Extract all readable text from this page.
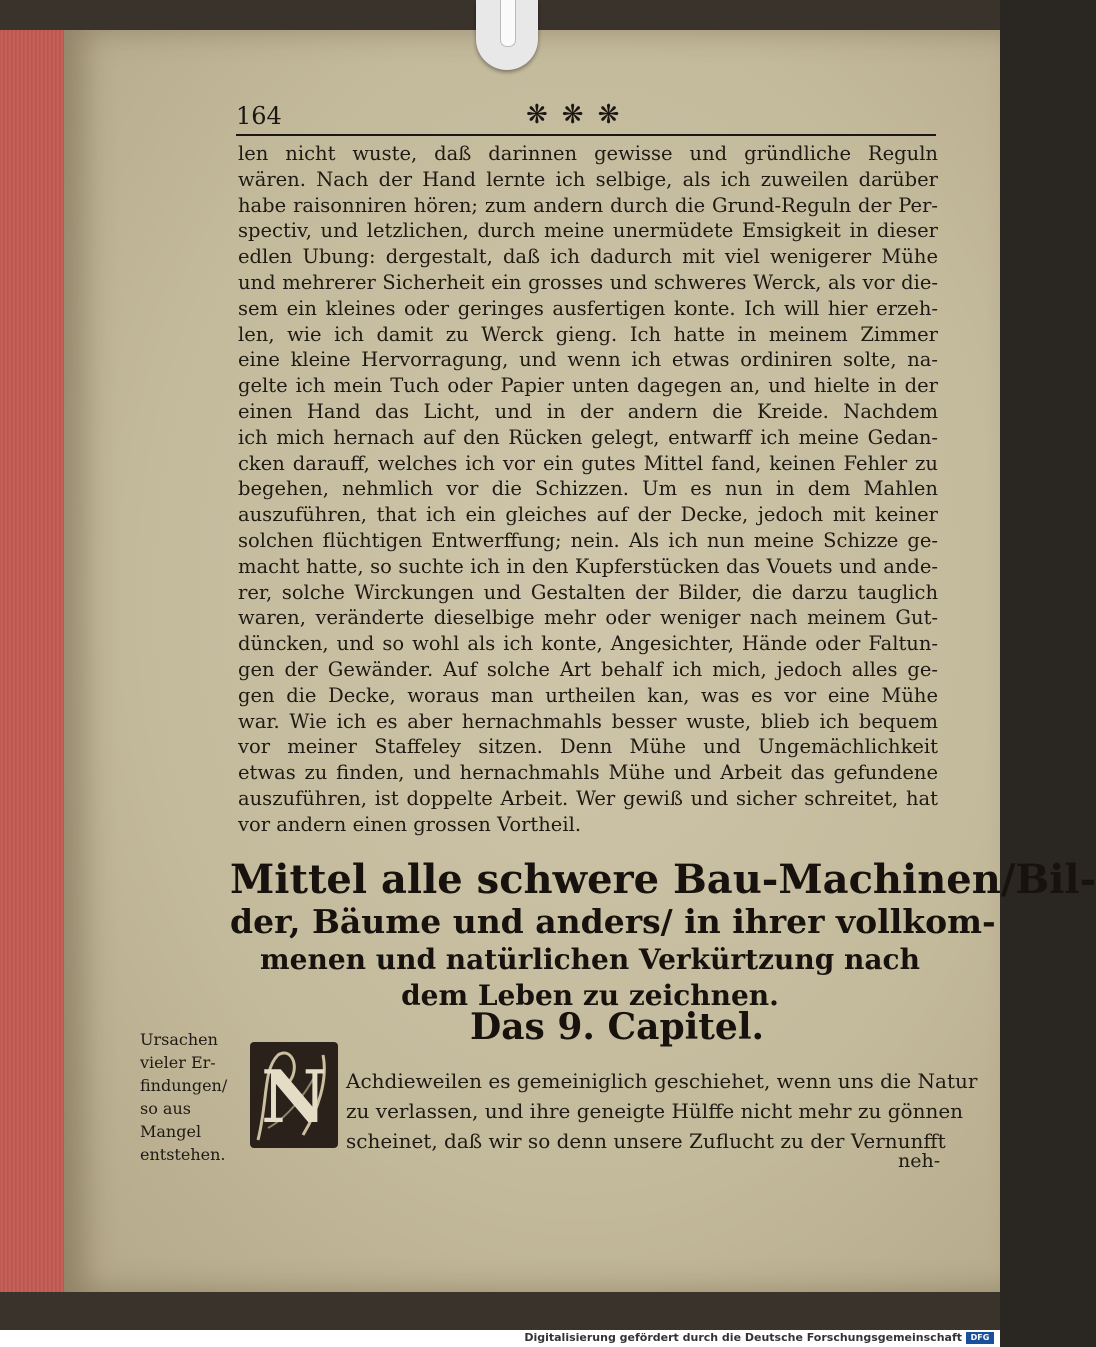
164	❋❋❋
len nicht wuste, daß darinnen gewisse und gründliche Reguln
wären. Nach der Hand lernte ich selbige, als ich zuweilen darüber
habe raisonniren hören; zum andern durch die Grund-Reguln der Per-
spectiv, und letzlichen, durch meine unermüdete Emsigkeit in dieser
edlen Ubung: dergestalt, daß ich dadurch mit viel wenigerer Mühe
und mehrerer Sicherheit ein grosses und schweres Werck, als vor die-
sem ein kleines oder geringes ausfertigen konte. Ich will hier erzeh-
len, wie ich damit zu Werck gieng. Ich hatte in meinem Zimmer
eine kleine Hervorragung, und wenn ich etwas ordiniren solte, na-
gelte ich mein Tuch oder Papier unten dagegen an, und hielte in der
einen Hand das Licht, und in der andern die Kreide. Nachdem
ich mich hernach auf den Rücken gelegt, entwarff ich meine Gedan-
cken darauff, welches ich vor ein gutes Mittel fand, keinen Fehler zu
begehen, nehmlich vor die Schizzen. Um es nun in dem Mahlen
auszuführen, that ich ein gleiches auf der Decke, jedoch mit keiner
solchen flüchtigen Entwerffung; nein. Als ich nun meine Schizze ge-
macht hatte, so suchte ich in den Kupferstücken das Vouets und ande-
rer, solche Wirckungen und Gestalten der Bilder, die darzu tauglich
waren, veränderte dieselbige mehr oder weniger nach meinem Gut-
düncken, und so wohl als ich konte, Angesichter, Hände oder Faltun-
gen der Gewänder. Auf solche Art behalf ich mich, jedoch alles ge-
gen die Decke, woraus man urtheilen kan, was es vor eine Mühe
war. Wie ich es aber hernachmahls besser wuste, blieb ich bequem
vor meiner Staffeley sitzen. Denn Mühe und Ungemächlichkeit
etwas zu finden, und hernachmahls Mühe und Arbeit das gefundene
auszuführen, ist doppelte Arbeit. Wer gewiß und sicher schreitet, hat
vor andern einen grossen Vortheil.
Mittel alle schwere Bau-Machinen/Bil-
der, Bäume und anders/ in ihrer vollkom-
menen und natürlichen Verkürtzung nach
dem Leben zu zeichnen.
Das 9. Capitel.
Ursachen
vieler Er-
findungen/
so aus
Mangel
entstehen.
N Achdieweilen es gemeiniglich geschiehet, wenn uns die Natur
zu verlassen, und ihre geneigte Hülffe nicht mehr zu gönnen
scheinet, daß wir so denn unsere Zuflucht zu der Vernunfft
neh-
Digitalisierung gefördert durch die Deutsche Forschungsgemeinschaft	DFG
